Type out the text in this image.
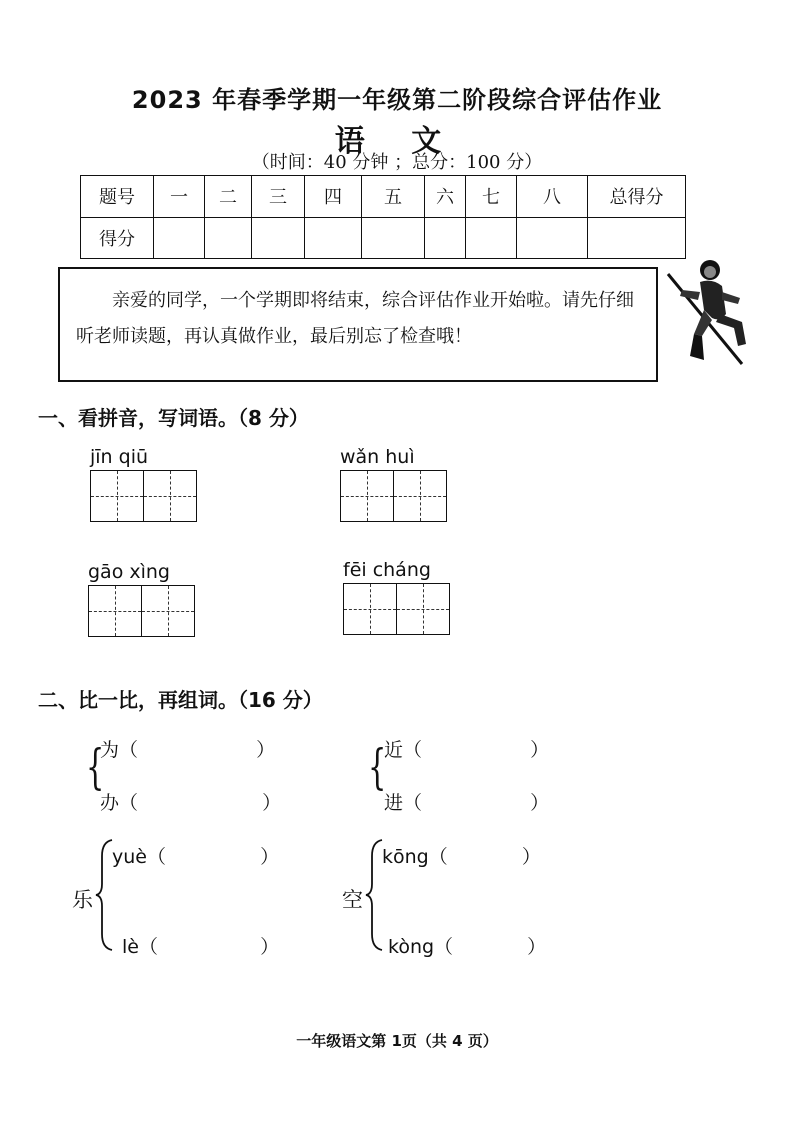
2023 年春季学期一年级第二阶段综合评估作业
语 文
（时间：40 分钟 ；总分：100 分）
题号	一	二	三	四	五	六	七	八	总得分
得分									
亲爱的同学，一个学期即将结束，综合评估作业开始啦。请先仔细听老师读题，再认真做作业，最后别忘了检查哦！
一、看拼音，写词语。（8 分）
jīn qiū	wǎn huì
gāo xìng	fēi cháng
二、比一比，再组词。（16 分）
{
为（	）
办（	）
{
近（	）
进（	）
乐
yuè（	）
lè（	）
空
kōng（	）
kòng（	）
一年级语文第 1页（共 4 页）
